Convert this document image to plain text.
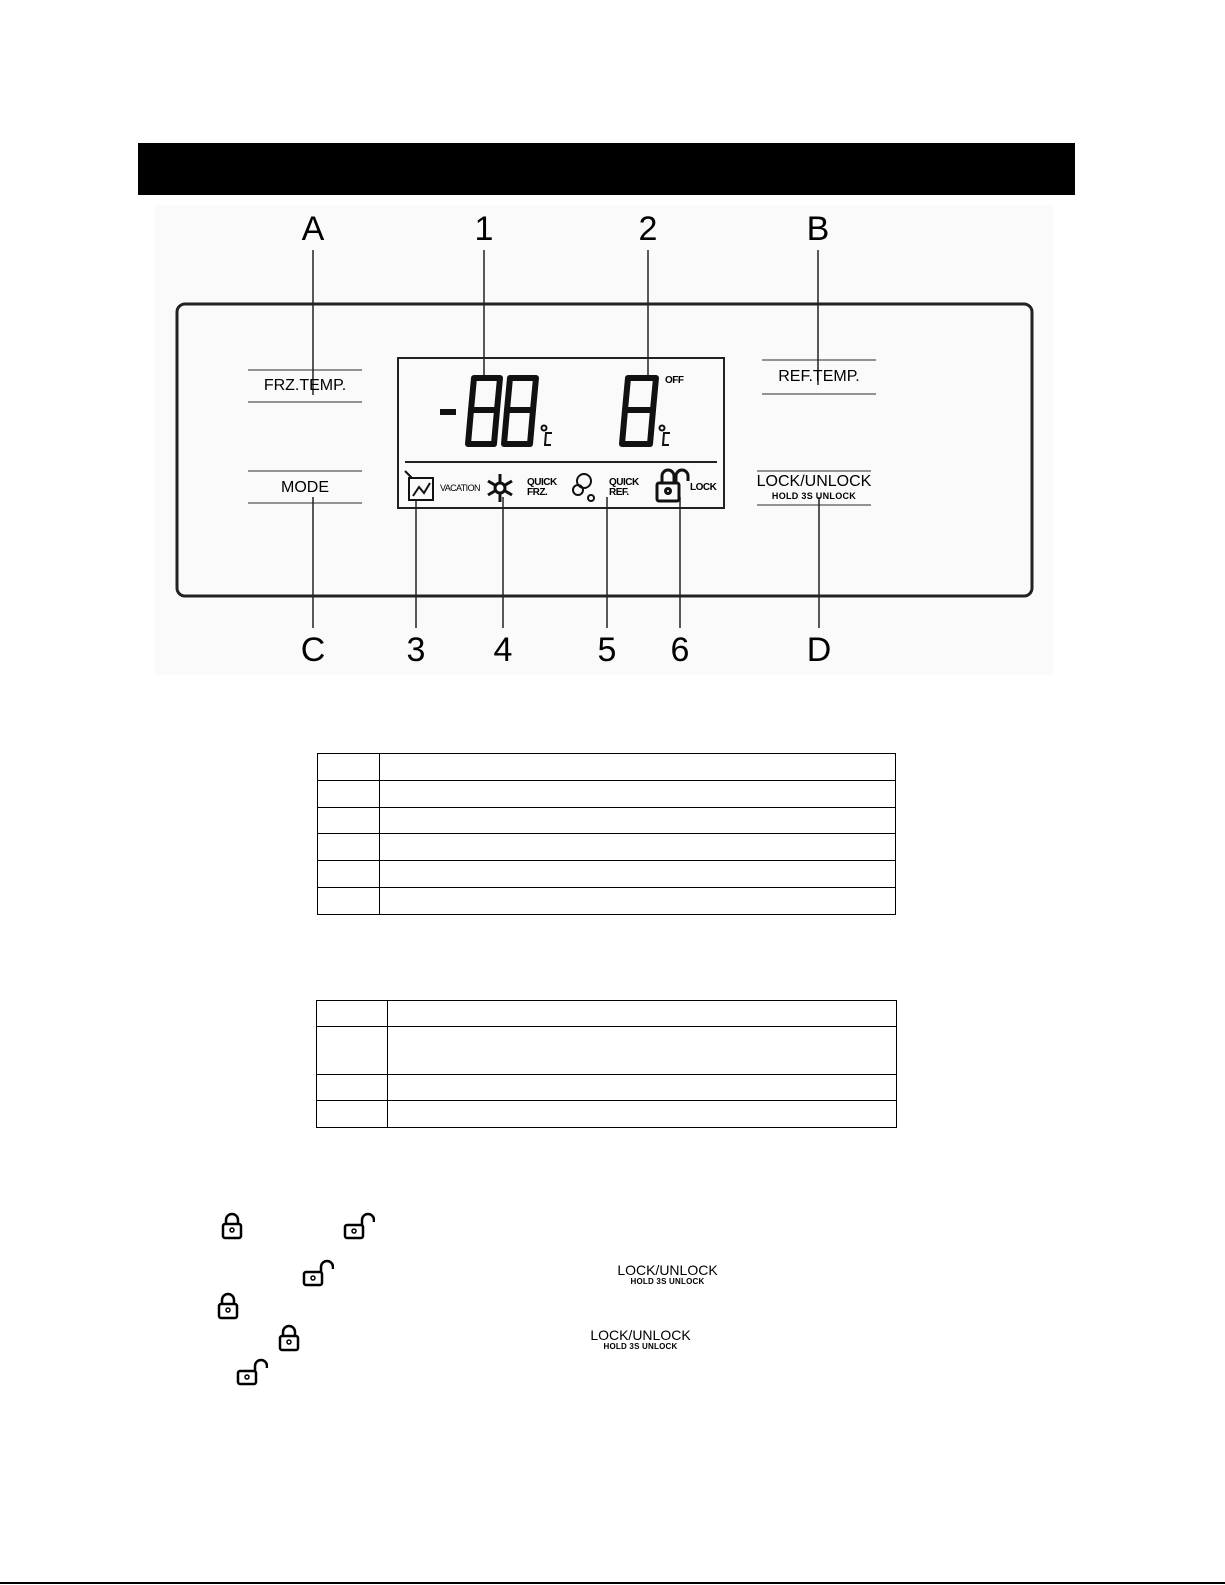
A	1	2	B
C	3	4	5	6	D
FRZ.TEMP.
REF.TEMP.
MODE	LOCK/UNLOCK
HOLD 3S UNLOCK
OFF
VACATION	QUICK
FRZ.
QUICK
REF.	LOCK

LOCK/UNLOCK
HOLD 3S UNLOCK
LOCK/UNLOCK
HOLD 3S UNLOCK
